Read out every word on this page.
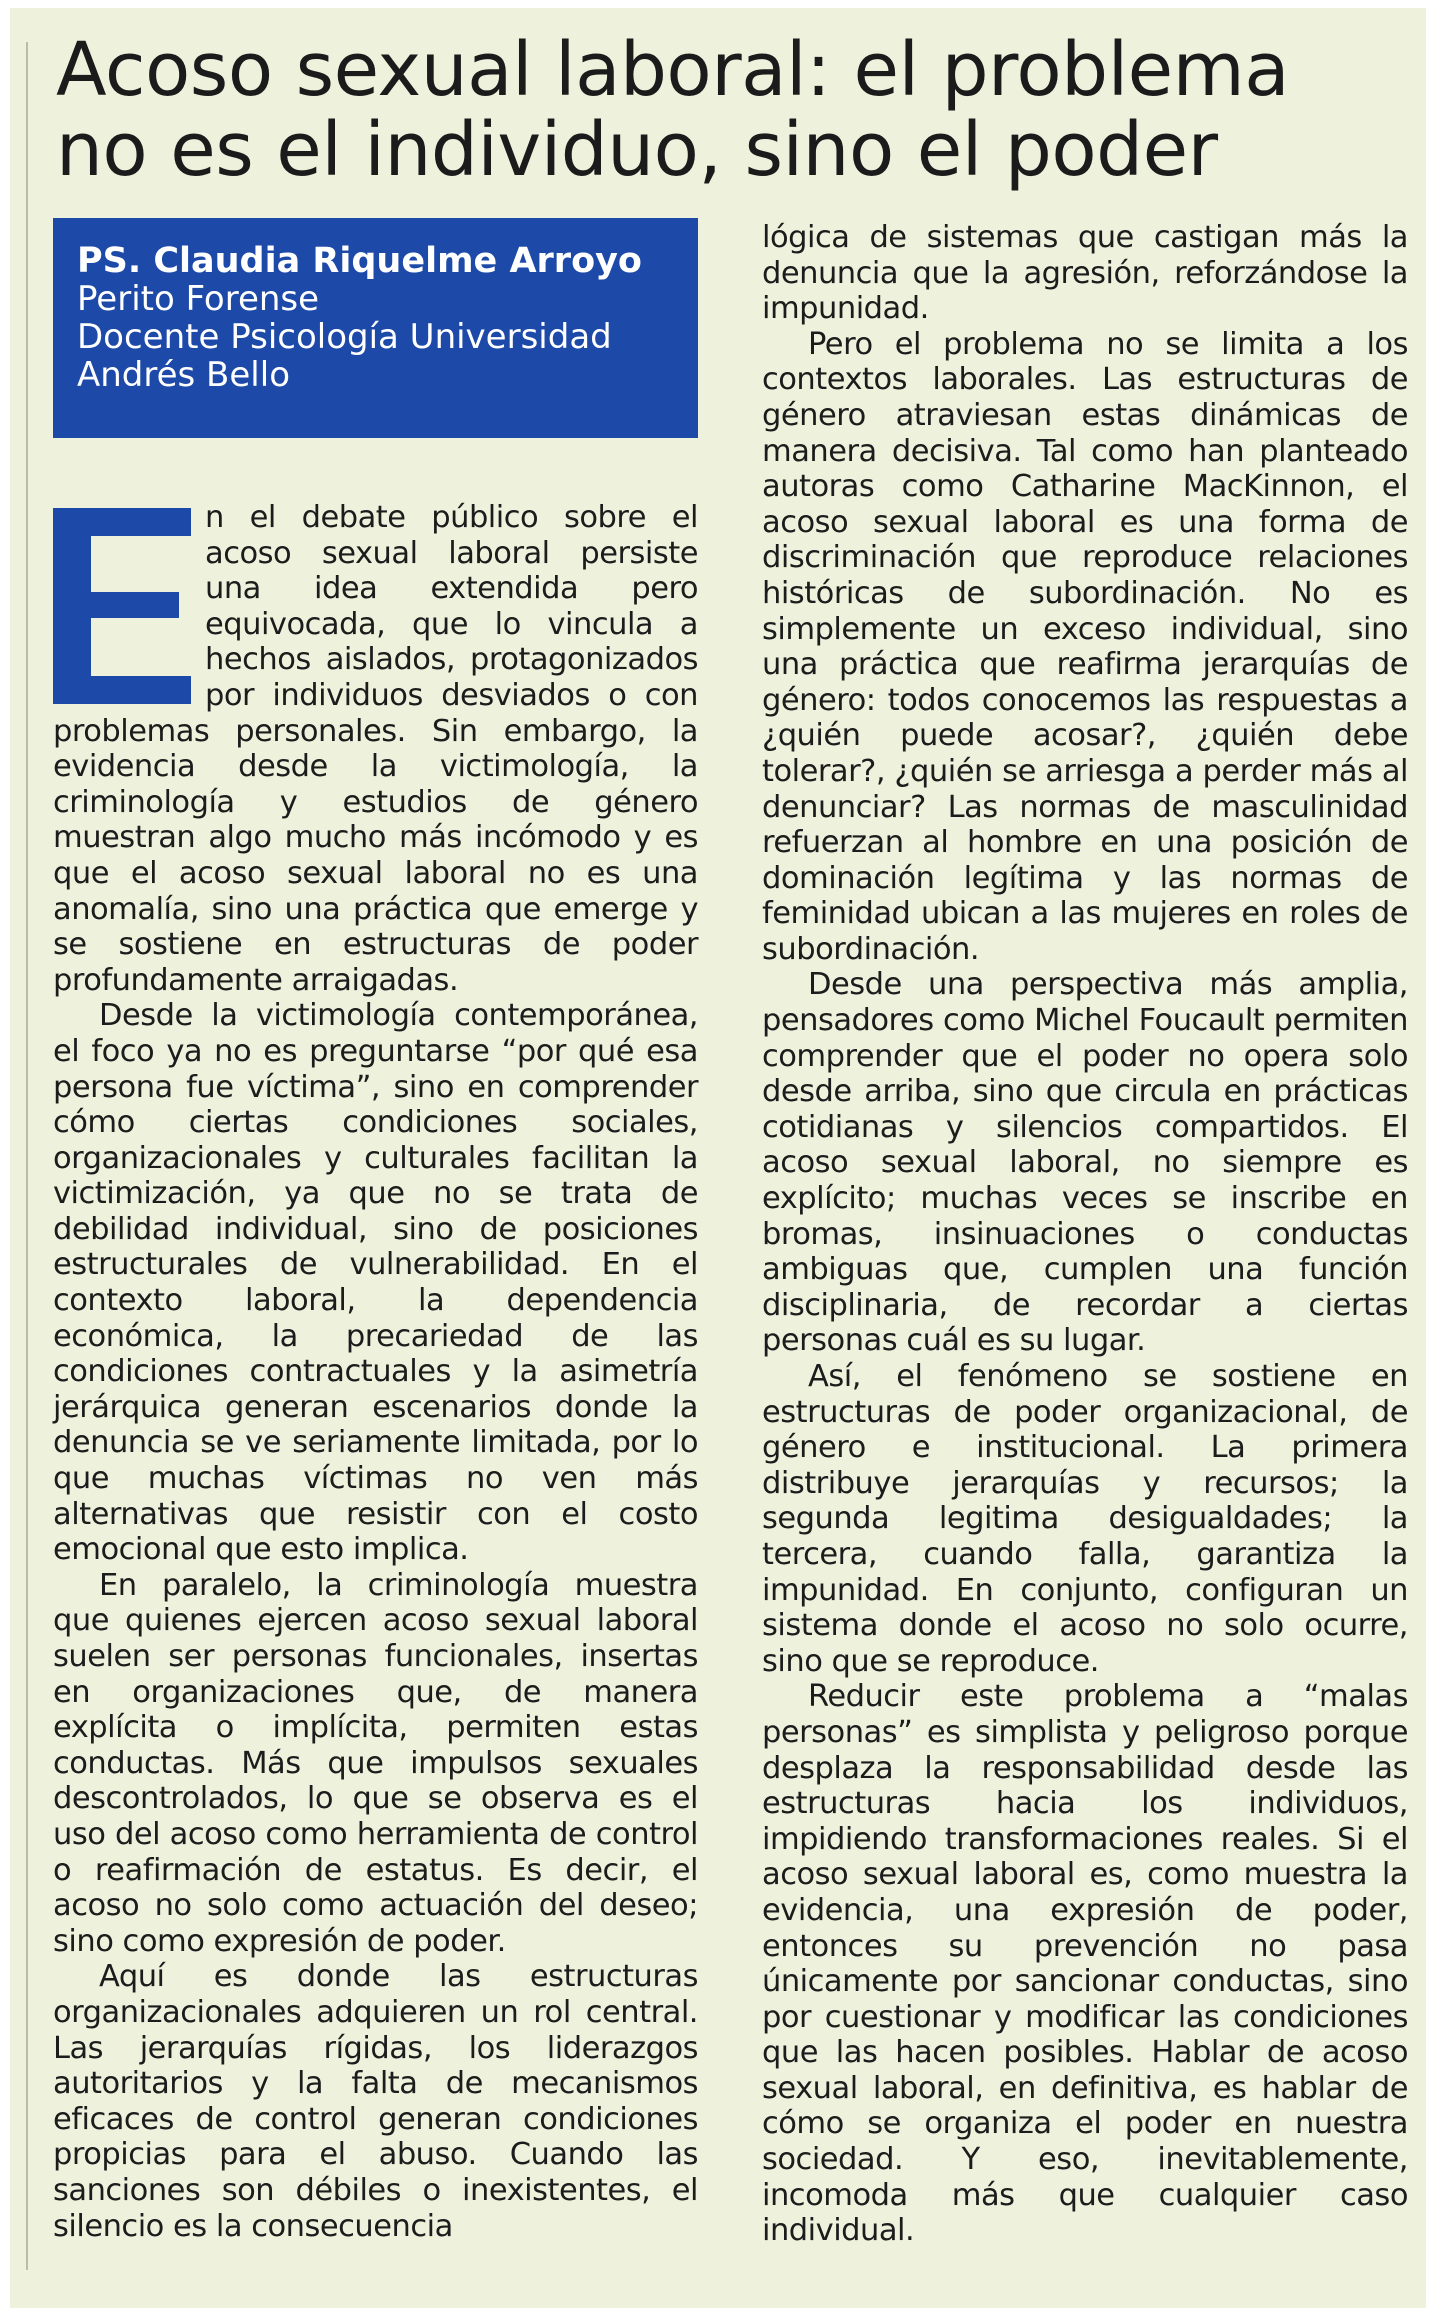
Acoso sexual laboral: el problema no es el individuo, sino el poder
PS. Claudia Riquelme Arroyo
Perito Forense
Docente Psicología Universidad
Andrés Bello

n el debate público sobre el acoso sexual laboral persiste una idea extendida pero equivocada, que lo vincula a hechos aislados, protagonizados por individuos desviados o con problemas personales. Sin embargo, la evidencia desde la victimología, la criminología y estudios de género muestran algo mucho más incómodo y es que el acoso sexual laboral no es una anomalía, sino una práctica que emerge y se sostiene en estructuras de poder profundamente arraigadas.

Desde la victimología contemporánea, el foco ya no es preguntarse “por qué esa persona fue víctima”, sino en comprender cómo ciertas condiciones sociales, organizacionales y culturales facilitan la victimización, ya que no se trata de debilidad individual, sino de posiciones estructurales de vulnerabilidad. En el contexto laboral, la dependencia económica, la precariedad de las condiciones contractuales y la asimetría jerárquica generan escenarios donde la denuncia se ve seriamente limitada, por lo que muchas víctimas no ven más alternativas que resistir con el costo emocional que esto implica.

En paralelo, la criminología muestra que quienes ejercen acoso sexual laboral suelen ser personas funcionales, insertas en organizaciones que, de manera explícita o implícita, permiten estas conductas. Más que impulsos sexuales descontrolados, lo que se observa es el uso del acoso como herramienta de control o reafirmación de estatus. Es decir, el acoso no solo como actuación del deseo; sino como expresión de poder.

Aquí es donde las estructuras organizacionales adquieren un rol central. Las jerarquías rígidas, los liderazgos autoritarios y la falta de mecanismos eficaces de control generan condiciones propicias para el abuso. Cuando las sanciones son débiles o inexistentes, el silencio es la consecuencia

lógica de sistemas que castigan más la denuncia que la agresión, reforzándose la impunidad.

Pero el problema no se limita a los contextos laborales. Las estructuras de género atraviesan estas dinámicas de manera decisiva. Tal como han planteado autoras como Catharine MacKinnon, el acoso sexual laboral es una forma de discriminación que reproduce relaciones históricas de subordinación. No es simplemente un exceso individual, sino una práctica que reafirma jerarquías de género: todos conocemos las respuestas a ¿quién puede acosar?, ¿quién debe tolerar?, ¿quién se arriesga a perder más al denunciar? Las normas de masculinidad refuerzan al hombre en una posición de dominación legítima y las normas de feminidad ubican a las mujeres en roles de subordinación.

Desde una perspectiva más amplia, pensadores como Michel Foucault permiten comprender que el poder no opera solo desde arriba, sino que circula en prácticas cotidianas y silencios compartidos. El acoso sexual laboral, no siempre es explícito; muchas veces se inscribe en bromas, insinuaciones o conductas ambiguas que, cumplen una función disciplinaria, de recordar a ciertas personas cuál es su lugar.

Así, el fenómeno se sostiene en estructuras de poder organizacional, de género e institucional. La primera distribuye jerarquías y recursos; la segunda legitima desigualdades; la tercera, cuando falla, garantiza la impunidad. En conjunto, configuran un sistema donde el acoso no solo ocurre, sino que se reproduce.

Reducir este problema a “malas personas” es simplista y peligroso porque desplaza la responsabilidad desde las estructuras hacia los individuos, impidiendo transformaciones reales. Si el acoso sexual laboral es, como muestra la evidencia, una expresión de poder, entonces su prevención no pasa únicamente por sancionar conductas, sino por cuestionar y modificar las condiciones que las hacen posibles. Hablar de acoso sexual laboral, en definitiva, es hablar de cómo se organiza el poder en nuestra sociedad. Y eso, inevitablemente, incomoda más que cualquier caso individual.
